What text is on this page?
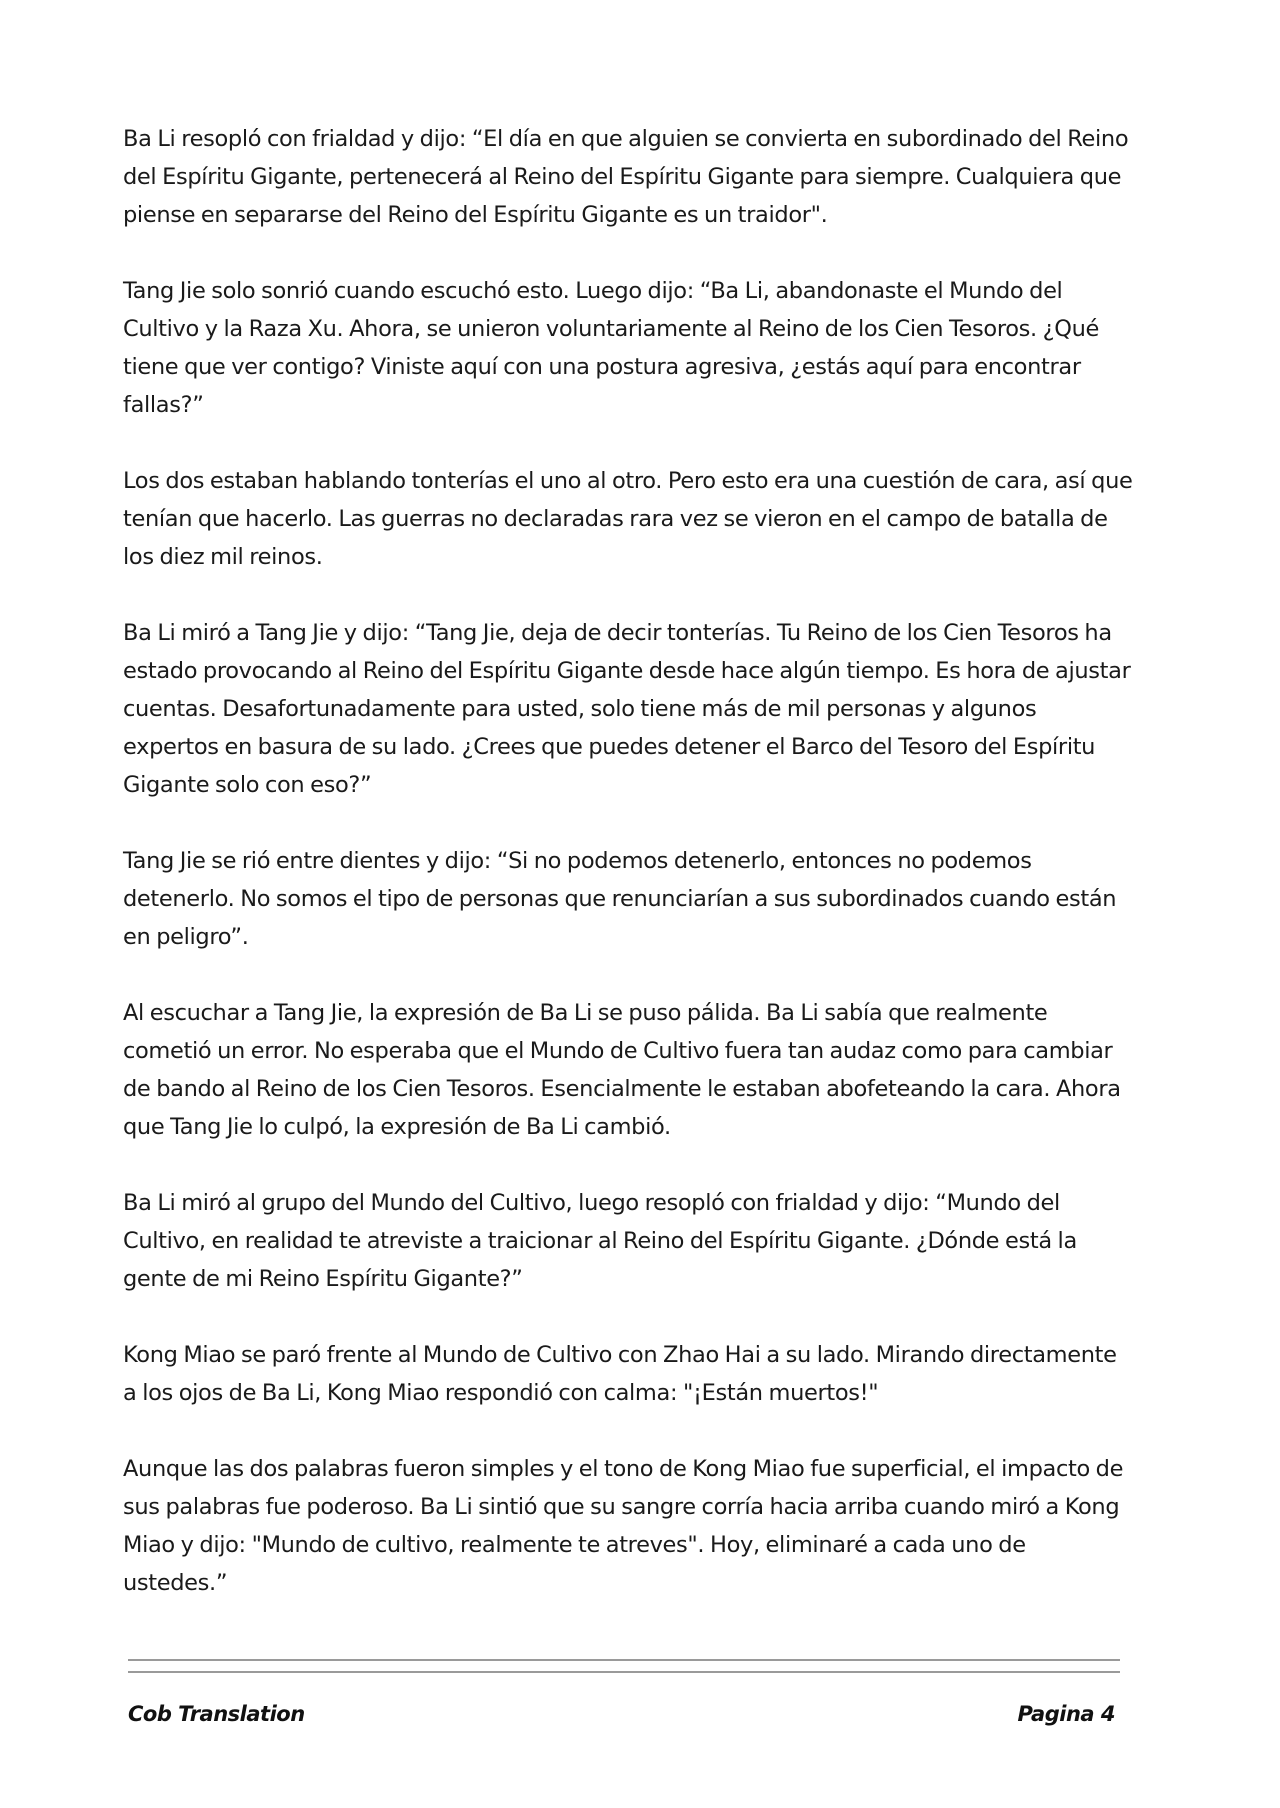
Ba Li resopló con frialdad y dijo: “El día en que alguien se convierta en subordinado del Reino del Espíritu Gigante, pertenecerá al Reino del Espíritu Gigante para siempre. Cualquiera que piense en separarse del Reino del Espíritu Gigante es un traidor".

Tang Jie solo sonrió cuando escuchó esto. Luego dijo: “Ba Li, abandonaste el Mundo del Cultivo y la Raza Xu. Ahora, se unieron voluntariamente al Reino de los Cien Tesoros. ¿Qué tiene que ver contigo? Viniste aquí con una postura agresiva, ¿estás aquí para encontrar fallas?”

Los dos estaban hablando tonterías el uno al otro. Pero esto era una cuestión de cara, así que tenían que hacerlo. Las guerras no declaradas rara vez se vieron en el campo de batalla de los diez mil reinos.

Ba Li miró a Tang Jie y dijo: “Tang Jie, deja de decir tonterías. Tu Reino de los Cien Tesoros ha estado provocando al Reino del Espíritu Gigante desde hace algún tiempo. Es hora de ajustar cuentas. Desafortunadamente para usted, solo tiene más de mil personas y algunos expertos en basura de su lado. ¿Crees que puedes detener el Barco del Tesoro del Espíritu Gigante solo con eso?”

Tang Jie se rió entre dientes y dijo: “Si no podemos detenerlo, entonces no podemos detenerlo. No somos el tipo de personas que renunciarían a sus subordinados cuando están en peligro”.

Al escuchar a Tang Jie, la expresión de Ba Li se puso pálida. Ba Li sabía que realmente cometió un error. No esperaba que el Mundo de Cultivo fuera tan audaz como para cambiar de bando al Reino de los Cien Tesoros. Esencialmente le estaban abofeteando la cara. Ahora que Tang Jie lo culpó, la expresión de Ba Li cambió.

Ba Li miró al grupo del Mundo del Cultivo, luego resopló con frialdad y dijo: “Mundo del Cultivo, en realidad te atreviste a traicionar al Reino del Espíritu Gigante. ¿Dónde está la gente de mi Reino Espíritu Gigante?”

Kong Miao se paró frente al Mundo de Cultivo con Zhao Hai a su lado. Mirando directamente a los ojos de Ba Li, Kong Miao respondió con calma: "¡Están muertos!"

Aunque las dos palabras fueron simples y el tono de Kong Miao fue superficial, el impacto de sus palabras fue poderoso. Ba Li sintió que su sangre corría hacia arriba cuando miró a Kong Miao y dijo: "Mundo de cultivo, realmente te atreves". Hoy, eliminaré a cada uno de ustedes.”

Cob Translation	Pagina 4
